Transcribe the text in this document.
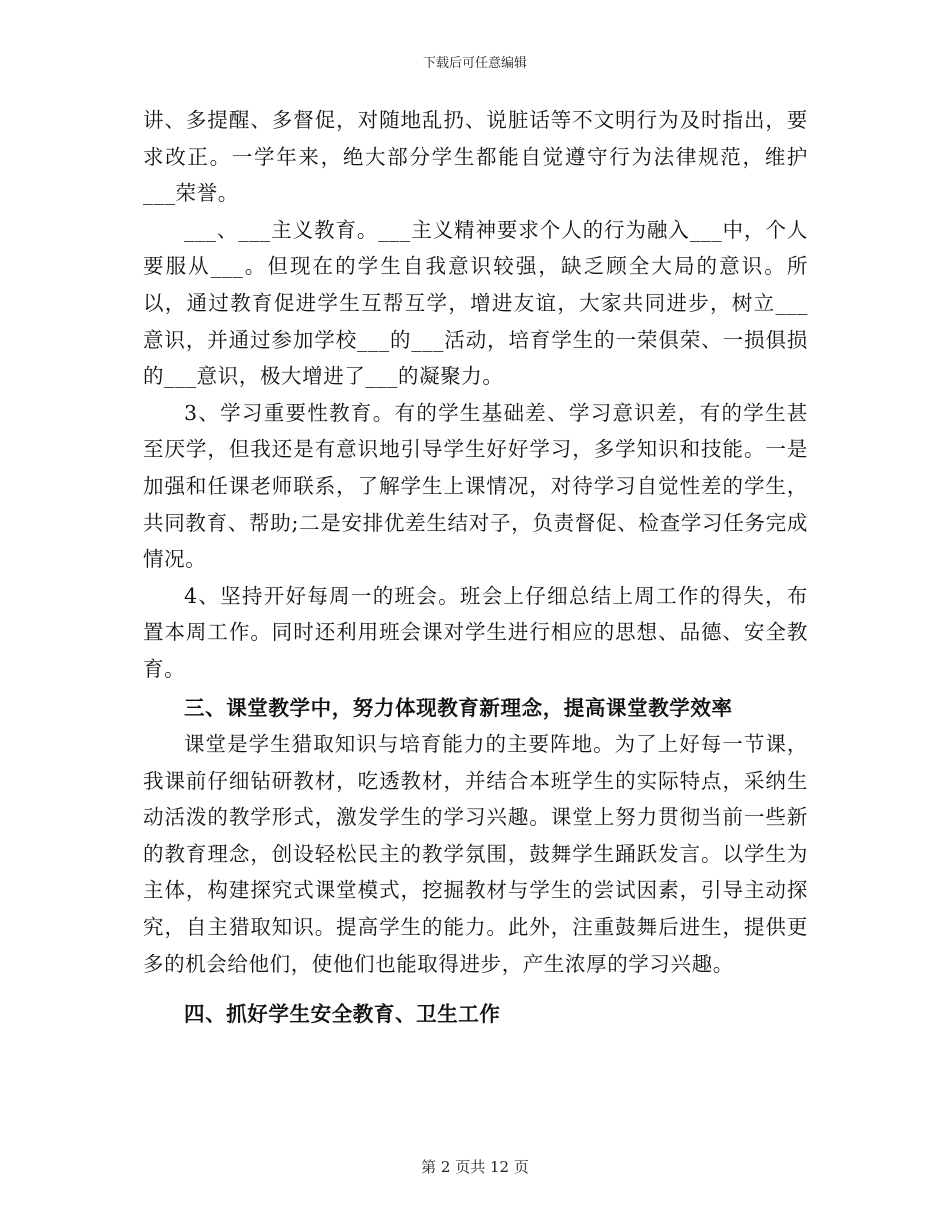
下载后可任意编辑

讲、多提醒、多督促，对随地乱扔、说脏话等不文明行为及时指出，要求改正。一学年来，绝大部分学生都能自觉遵守行为法律规范，维护___荣誉。

___、___主义教育。___主义精神要求个人的行为融入___中，个人要服从___。但现在的学生自我意识较强，缺乏顾全大局的意识。所以，通过教育促进学生互帮互学，增进友谊，大家共同进步，树立___意识，并通过参加学校___的___活动，培育学生的一荣俱荣、一损俱损的___意识，极大增进了___的凝聚力。

3、学习重要性教育。有的学生基础差、学习意识差，有的学生甚至厌学，但我还是有意识地引导学生好好学习，多学知识和技能。一是加强和任课老师联系，了解学生上课情况，对待学习自觉性差的学生，共同教育、帮助;二是安排优差生结对子，负责督促、检查学习任务完成情况。

4、坚持开好每周一的班会。班会上仔细总结上周工作的得失，布置本周工作。同时还利用班会课对学生进行相应的思想、品德、安全教育。

三、课堂教学中，努力体现教育新理念，提高课堂教学效率

课堂是学生猎取知识与培育能力的主要阵地。为了上好每一节课，我课前仔细钻研教材，吃透教材，并结合本班学生的实际特点，采纳生动活泼的教学形式，激发学生的学习兴趣。课堂上努力贯彻当前一些新的教育理念，创设轻松民主的教学氛围，鼓舞学生踊跃发言。以学生为主体，构建探究式课堂模式，挖掘教材与学生的尝试因素，引导主动探究，自主猎取知识。提高学生的能力。此外，注重鼓舞后进生，提供更多的机会给他们，使他们也能取得进步，产生浓厚的学习兴趣。

四、抓好学生安全教育、卫生工作

第 2 页共 12 页
